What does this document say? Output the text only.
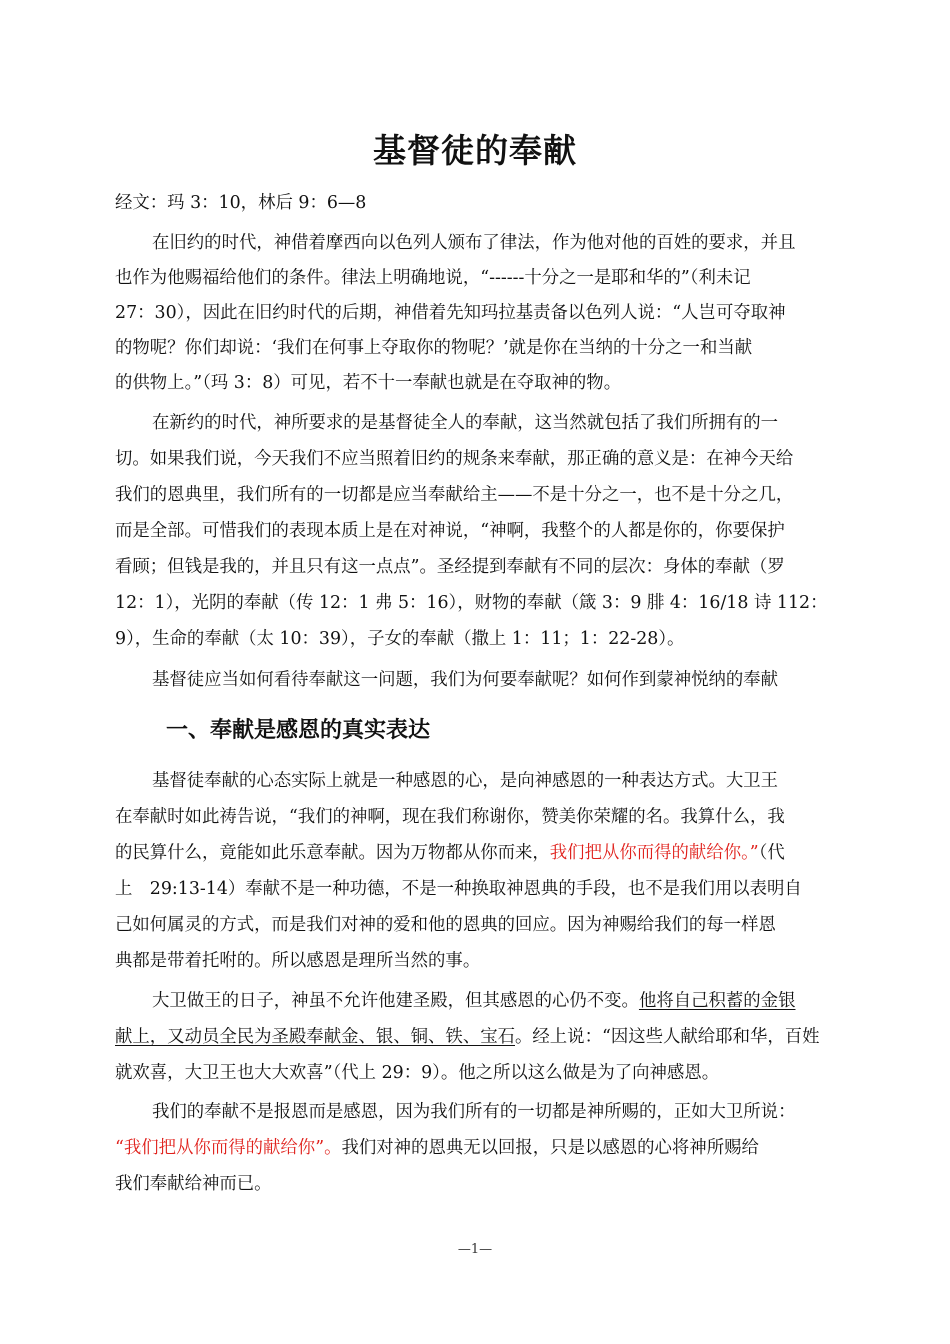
基督徒的奉献
经文：玛 3：10，林后 9：6—8
在旧约的时代，神借着摩西向以色列人颁布了律法，作为他对他的百姓的要求，并且
也作为他赐福给他们的条件。律法上明确地说，“------十分之一是耶和华的”（利未记
27：30），因此在旧约时代的后期，神借着先知玛拉基责备以色列人说：“人岂可夺取神
的物呢？你们却说：‘我们在何事上夺取你的物呢？’就是你在当纳的十分之一和当献
的供物上。”（玛 3：8）可见，若不十一奉献也就是在夺取神的物。
在新约的时代，神所要求的是基督徒全人的奉献，这当然就包括了我们所拥有的一
切。如果我们说，今天我们不应当照着旧约的规条来奉献，那正确的意义是：在神今天给
我们的恩典里，我们所有的一切都是应当奉献给主——不是十分之一，也不是十分之几，
而是全部。可惜我们的表现本质上是在对神说，“神啊，我整个的人都是你的，你要保护
看顾；但钱是我的，并且只有这一点点”。圣经提到奉献有不同的层次：身体的奉献（罗
12：1），光阴的奉献（传 12：1 弗 5：16），财物的奉献（箴 3：9 腓 4：16/18 诗 112：
9），生命的奉献（太 10：39），子女的奉献（撒上 1：11；1：22-28）。
基督徒应当如何看待奉献这一问题，我们为何要奉献呢？如何作到蒙神悦纳的奉献
一、奉献是感恩的真实表达
基督徒奉献的心态实际上就是一种感恩的心，是向神感恩的一种表达方式。大卫王
在奉献时如此祷告说，“我们的神啊，现在我们称谢你，赞美你荣耀的名。我算什么，我
的民算什么，竟能如此乐意奉献。因为万物都从你而来，我们把从你而得的献给你。”（代
上　29:13-14）奉献不是一种功德，不是一种换取神恩典的手段，也不是我们用以表明自
己如何属灵的方式，而是我们对神的爱和他的恩典的回应。因为神赐给我们的每一样恩
典都是带着托咐的。所以感恩是理所当然的事。
大卫做王的日子，神虽不允许他建圣殿，但其感恩的心仍不变。他将自己积蓄的金银
献上，又动员全民为圣殿奉献金、银、铜、铁、宝石。经上说：“因这些人献给耶和华，百姓
就欢喜，大卫王也大大欢喜”（代上 29：9）。他之所以这么做是为了向神感恩。
我们的奉献不是报恩而是感恩，因为我们所有的一切都是神所赐的，正如大卫所说：
“我们把从你而得的献给你”。我们对神的恩典无以回报，只是以感恩的心将神所赐给
我们奉献给神而已。
—1—
